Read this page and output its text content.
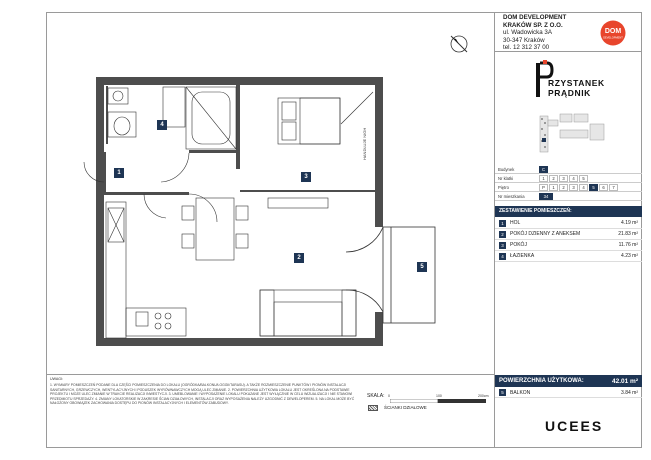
DOM DEVELOPMENT
KRAKÓW SP. Z O.O.
ul. Wadowicka 3A
30-347 Kraków
tel. 12 312 37 00
DOM
DEVELOPMENT
RZYSTANEK
PRĄDNIK
Budynek	C
Nr klatki	1	2	3	4	5
Piętro	P	1	2	3	4	5	6	7
Nr mieszkania	34
ZESTAWIENIE POMIESZCZEŃ:
1	HOL	4.19 m²
2	POKÓJ DZIENNY Z ANEKSEM	21.83 m²
3	POKÓJ	11.76 m²
4	ŁAZIENKA	4.23 m²
POWIERZCHNIA UŻYTKOWA:	42.01 m²
5	BALKON	3.84 m²
UCEES
UWAGI:
1. WYMIARY POMIESZCZEŃ PODANE DLA CZĘŚCI POMIESZCZENIA DO LOKALU (OGRÓDKA/BALKONU/LOGGII/TARASU). A TAKŻE ROZMIESZCZENIE PUNKTÓW I PIONÓW INSTALACJI SANITARNYCH, GRZEWCZYCH, WENTYLACYJNYCH I PODUSZEK WYRÓWNAWCZYCH MOGĄ ULEC ZMIANIE. 2. POWIERZCHNIA UŻYTKOWA LOKALU JEST OKREŚLONA NA PODSTAWIE PROJEKTU I MOŻE ULEC ZMIANIE W TRAKCIE REALIZACJI INWESTYCJI. 3. UMEBLOWANIE I WYPOSAŻENIE LOKALU POKAZANE JEST WYŁĄCZNIE W CELU WIZUALIZACJI I NIE STANOWI PRZEDMIOTU SPRZEDAŻY. 4. ZMIANY LOKATORSKIE W ZAKRESIE ŚCIAN DZIAŁOWYCH, INSTALACJI ORAZ WYPOSAŻENIA NALEŻY UZGODNIĆ Z DEWELOPEREM. 5. NA LOKAL MOŻE BYĆ NAŁOŻONY OBOWIĄZEK ZACHOWANIA DOSTĘPU DO PIONÓW INSTALACYJNYCH I ELEMENTÓW ZABUDOWY.
SKALA: 0	100	200cm
ŚCIANKI DZIAŁOWE
4
1
3
2
5
HANDLUJE NIGH
